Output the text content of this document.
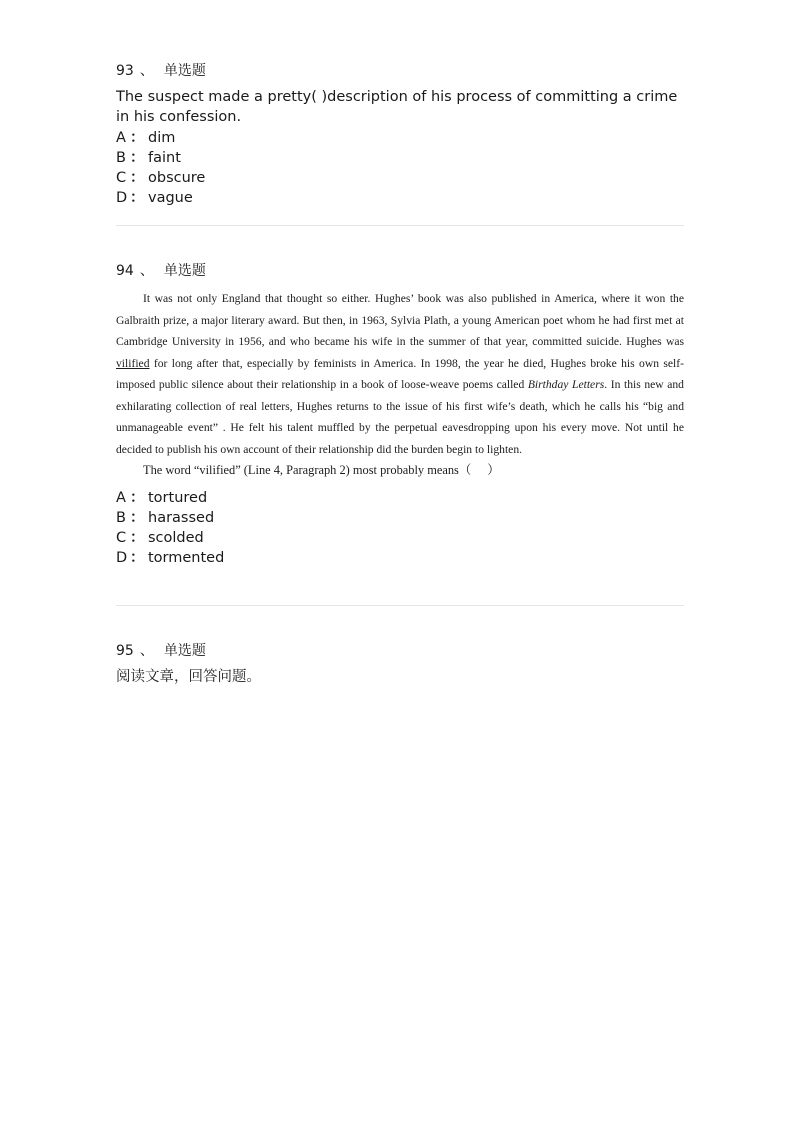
93 、 单选题
The suspect made a pretty( )description of his process of committing a crime in his confession.
A ： dim
B ： faint
C ： obscure
D ： vague
94 、 单选题
It was not only England that thought so either. Hughes’ book was also published in America, where it won the Galbraith prize, a major literary award. But then, in 1963, Sylvia Plath, a young American poet whom he had first met at Cambridge University in 1956, and who became his wife in the summer of that year, committed suicide. Hughes was vilified for long after that, especially by feminists in America. In 1998, the year he died, Hughes broke his own self-imposed public silence about their relationship in a book of loose-weave poems called Birthday Letters. In this new and exhilarating collection of real letters, Hughes returns to the issue of his first wife’s death, which he calls his “big and unmanageable event” . He felt his talent muffled by the perpetual eavesdropping upon his every move. Not until he decided to publish his own account of their relationship did the burden begin to lighten.
The word “vilified” (Line 4, Paragraph 2) most probably means（ ）
A ： tortured
B ： harassed
C ： scolded
D ： tormented
95 、 单选题
阅读文章，回答问题。
